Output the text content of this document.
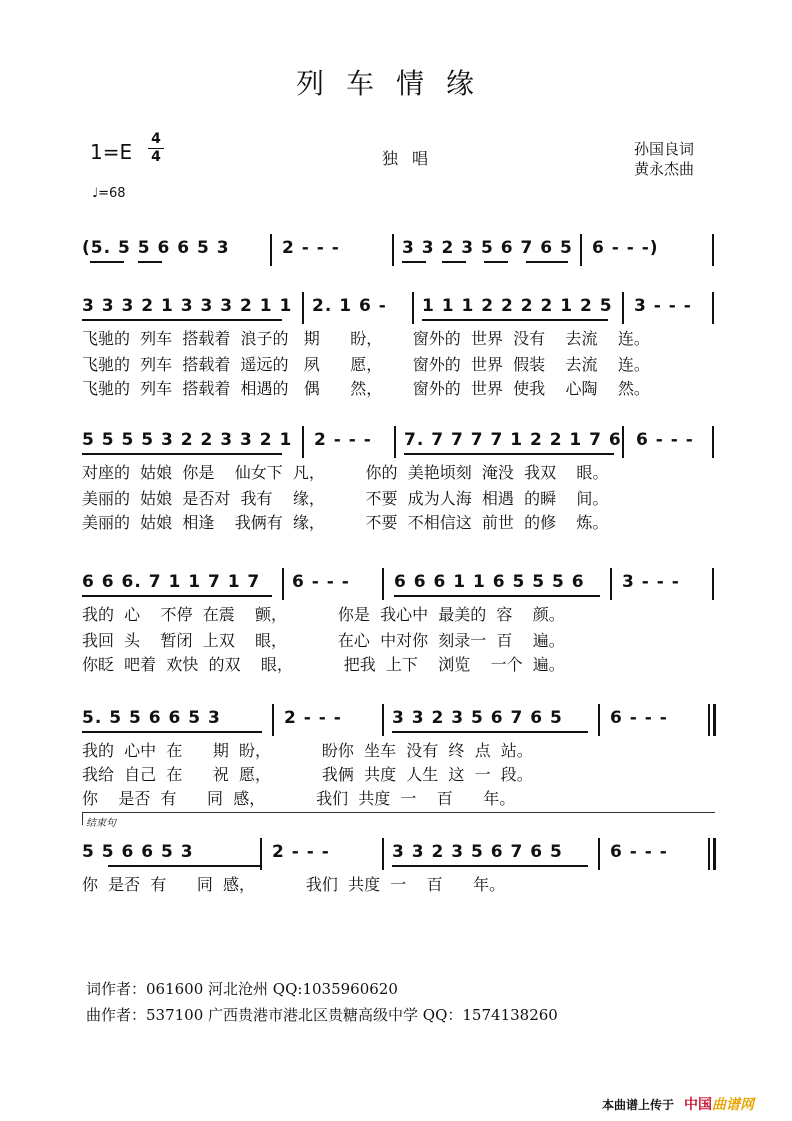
列车情缘
1=E
4
4	独唱	孙国良词
黄永杰曲
♩=68
(5. 5 5 6 6 5 3	2 - - -	3 3 2 3 5 6 7 6 5 6 - - -)
3 3 3 2 1 3 3 3 2 1 1 2. 1 6 - 1 1 1 2 2 2 2 1 2 5 3 - - -
飞驰的  列车  搭载着  浪子的   期      盼，      窗外的  世界  没有    去流    连。
飞驰的  列车  搭载着  遥远的   夙      愿，      窗外的  世界  假装    去流    连。
飞驰的  列车  搭载着  相遇的   偶      然，      窗外的  世界  使我    心陶    然。
5 5 5 5 3 2 2 3 3 2 1 2 - - - 7. 7 7 7 7 1 2 2 1 7 6 6 - - -
对座的  姑娘  你是    仙女下  凡，        你的  美艳顷刻  淹没  我双    眼。
美丽的  姑娘  是否对  我有    缘，        不要  成为人海  相遇  的瞬    间。
美丽的  姑娘  相逢    我俩有  缘，        不要  不相信这  前世  的修    炼。
6 6 6. 7 1 1 7 1 7 6 - - -	6 6 6 1 1 6 5 5 5 6 3 - - -
我的  心    不停  在震    颤，          你是  我心中  最美的  容    颜。
我回  头    暂闭  上双    眼，          在心  中对你  刻录一  百    遍。
你眨  吧着  欢快  的双    眼，          把我  上下    浏览    一个  遍。
5. 5 5 6 6 5 3	2 - - -	3 3 2 3 5 6 7 6 5	6 - - -
我的  心中  在      期  盼，          盼你  坐车  没有  终  点  站。
我给  自己  在      祝  愿，          我俩  共度  人生  这  一  段。
你    是否  有      同  感，          我们  共度  一    百      年。
结束句
5 5 6 6 5 3	2 - - -	3 3 2 3 5 6 7 6 5	6 - - -
你  是否  有      同  感，          我们  共度  一    百      年。
词作者：061600 河北沧州 QQ:1035960620
曲作者：537100 广西贵港市港北区贵糖高级中学 QQ：1574138260
本曲谱上传于 中国曲谱网
